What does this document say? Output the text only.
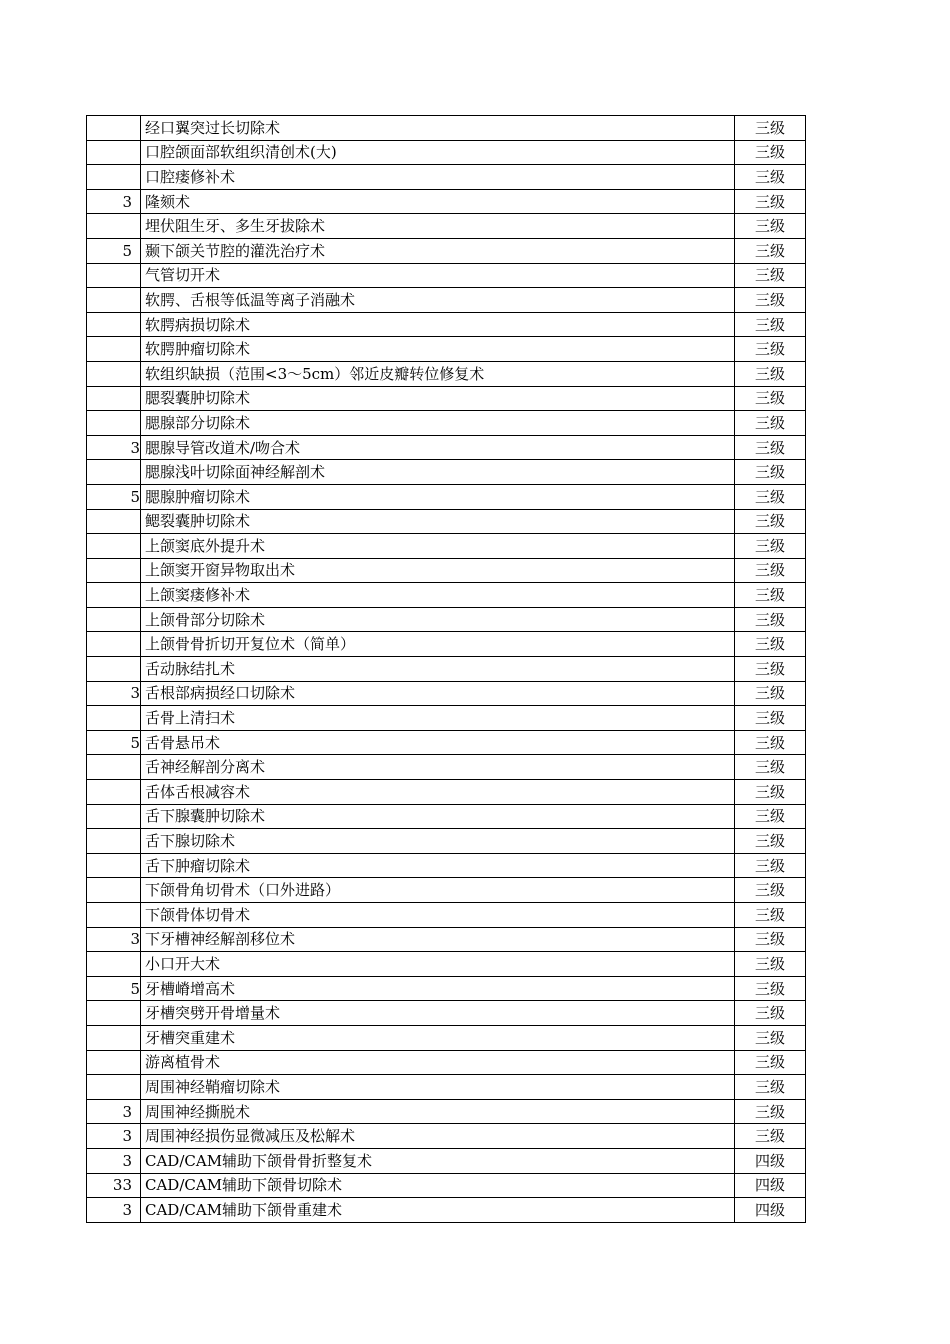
	经口翼突过长切除术	三级
	口腔颌面部软组织清创术(大)	三级
	口腔瘘修补术	三级
3	隆颏术	三级
	埋伏阻生牙、多生牙拔除术	三级
5	颞下颌关节腔的灌洗治疗术	三级
	气管切开术	三级
	软腭、舌根等低温等离子消融术	三级
	软腭病损切除术	三级
	软腭肿瘤切除术	三级
	软组织缺损（范围<3～5cm）邻近皮瓣转位修复术	三级
	腮裂囊肿切除术	三级
	腮腺部分切除术	三级
3	腮腺导管改道术/吻合术	三级
	腮腺浅叶切除面神经解剖术	三级
5	腮腺肿瘤切除术	三级
	鳃裂囊肿切除术	三级
	上颌窦底外提升术	三级
	上颌窦开窗异物取出术	三级
	上颌窦瘘修补术	三级
	上颌骨部分切除术	三级
	上颌骨骨折切开复位术（简单）	三级
	舌动脉结扎术	三级
3	舌根部病损经口切除术	三级
	舌骨上清扫术	三级
5	舌骨悬吊术	三级
	舌神经解剖分离术	三级
	舌体舌根减容术	三级
	舌下腺囊肿切除术	三级
	舌下腺切除术	三级
	舌下肿瘤切除术	三级
	下颌骨角切骨术（口外进路）	三级
	下颌骨体切骨术	三级
3	下牙槽神经解剖移位术	三级
	小口开大术	三级
5	牙槽嵴增高术	三级
	牙槽突劈开骨增量术	三级
	牙槽突重建术	三级
	游离植骨术	三级
	周围神经鞘瘤切除术	三级
3	周围神经撕脱术	三级
3	周围神经损伤显微减压及松解术	三级
3	CAD/CAM辅助下颌骨骨折整复术	四级
33	CAD/CAM辅助下颌骨切除术	四级
3	CAD/CAM辅助下颌骨重建术	四级
